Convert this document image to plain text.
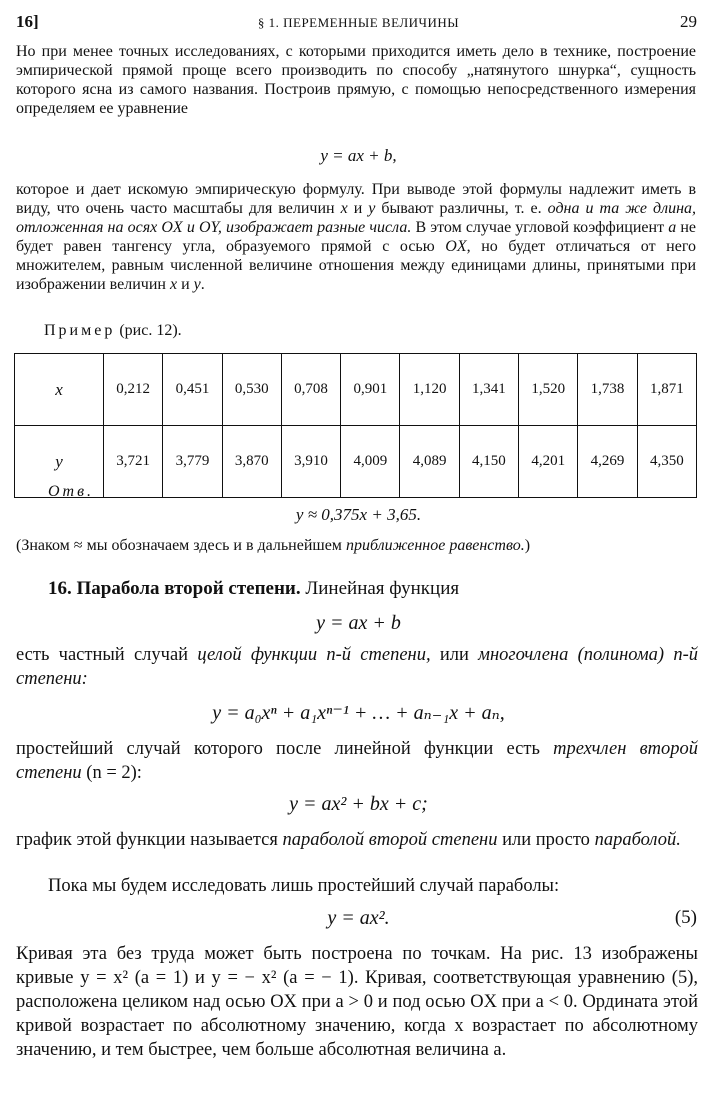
16]	§ 1. ПЕРЕМЕННЫЕ ВЕЛИЧИНЫ	29
Но при менее точных исследованиях, с которыми приходится иметь дело в технике, построение эмпирической прямой проще всего производить по способу „натянутого шнурка“, сущность которого ясна из самого названия. Построив прямую, с помощью непосредственного измерения определяем ее уравнение
y = ax + b,
которое и дает искомую эмпирическую формулу. При выводе этой формулы надлежит иметь в виду, что очень часто масштабы для величин x и y бывают различны, т. е. одна и та же длина, отложенная на осях OX и OY, изображает разные числа. В этом случае угловой коэффициент a не будет равен тангенсу угла, образуемого прямой с осью OX, но будет отличаться от него множителем, равным численной величине отношения между единицами длины, принятыми при изображении величин x и y.
Пример (рис. 12).
x	0,212	0,451	0,530	0,708	0,901	1,120	1,341	1,520	1,738	1,871
y	3,721	3,779	3,870	3,910	4,009	4,089	4,150	4,201	4,269	4,350
Отв.
y ≈ 0,375x + 3,65.
(Знаком ≈ мы обозначаем здесь и в дальнейшем приближенное равенство.)
16. Парабола второй степени. Линейная функция
y = ax + b
есть частный случай целой функции n-й степени, или многочлена (полинома) n-й степени:
y = a₀xⁿ + a₁xⁿ⁻¹ + … + aₙ₋₁x + aₙ,
простейший случай которого после линейной функции есть трехчлен второй степени (n = 2):
y = ax² + bx + c;
график этой функции называется параболой второй степени или просто параболой.
Пока мы будем исследовать лишь простейший случай параболы:
y = ax².	(5)
Кривая эта без труда может быть построена по точкам. На рис. 13 изображены кривые y = x² (a = 1) и y = − x² (a = − 1). Кривая, соответствующая уравнению (5), расположена целиком над осью OX при a > 0 и под осью OX при a < 0. Ордината этой кривой возрастает по абсолютному значению, когда x возрастает по абсолютному значению, и тем быстрее, чем больше абсолютная величина a.
